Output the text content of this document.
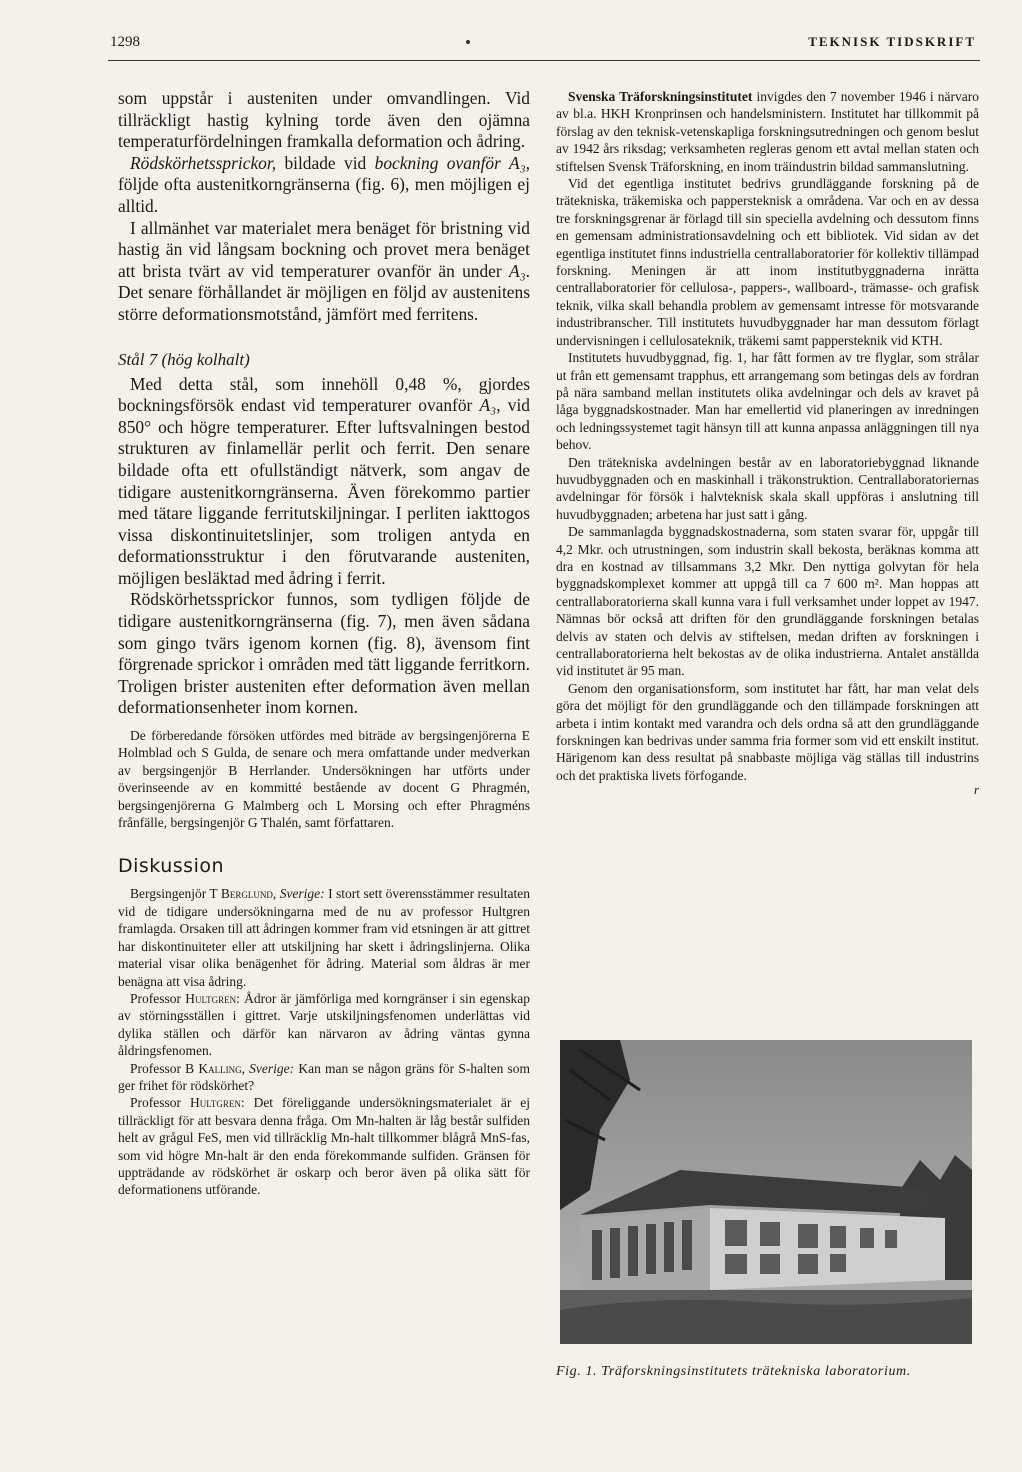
1298	TEKNISK TIDSKRIFT

som uppstår i austeniten under omvandlingen. Vid tillräckligt hastig kylning torde även den ojämna temperaturfördelningen framkalla deformation och ådring.

Rödskörhetssprickor, bildade vid bockning ovanför A₃, följde ofta austenitkorngränserna (fig. 6), men möjligen ej alltid.

I allmänhet var materialet mera benäget för bristning vid hastig än vid långsam bockning och provet mera benäget att brista tvärt av vid temperaturer ovanför än under A₃. Det senare förhållandet är möjligen en följd av austenitens större deformationsmotstånd, jämfört med ferritens.

Stål 7 (hög kolhalt)

Med detta stål, som innehöll 0,48 %, gjordes bockningsförsök endast vid temperaturer ovanför A₃, vid 850° och högre temperaturer. Efter luftsvalningen bestod strukturen av finlamellär perlit och ferrit. Den senare bildade ofta ett ofullständigt nätverk, som angav de tidigare austenitkorngränserna. Även förekommo partier med tätare liggande ferritutskiljningar. I perliten iakttogos vissa diskontinuitetslinjer, som troligen antyda en deformationsstruktur i den förutvarande austeniten, möjligen besläktad med ådring i ferrit.

Rödskörhetssprickor funnos, som tydligen följde de tidigare austenitkorngränserna (fig. 7), men även sådana som gingo tvärs igenom kornen (fig. 8), ävensom fint förgrenade sprickor i områden med tätt liggande ferritkorn. Troligen brister austeniten efter deformation även mellan deformationsenheter inom kornen.

De förberedande försöken utfördes med biträde av bergsingenjörerna E Holmblad och S Gulda, de senare och mera omfattande under medverkan av bergsingenjör B Herrlander. Undersökningen har utförts under överinseende av en kommitté bestående av docent G Phragmén, bergsingenjörerna G Malmberg och L Morsing och efter Phragméns frånfälle, bergsingenjör G Thalén, samt författaren.

Diskussion

Bergsingenjör T Berglund, Sverige: I stort sett överensstämmer resultaten vid de tidigare undersökningarna med de nu av professor Hultgren framlagda. Orsaken till att ådringen kommer fram vid etsningen är att gittret har diskontinuiteter eller att utskiljning har skett i ådringslinjerna. Olika material visar olika benägenhet för ådring. Material som åldras är mer benägna att visa ådring.

Professor Hultgren: Ådror är jämförliga med korngränser i sin egenskap av störningsställen i gittret. Varje utskiljningsfenomen underlättas vid dylika ställen och därför kan närvaron av ådring väntas gynna åldringsfenomen.

Professor B Kalling, Sverige: Kan man se någon gräns för S-halten som ger frihet för rödskörhet?

Professor Hultgren: Det föreliggande undersökningsmaterialet är ej tillräckligt för att besvara denna fråga. Om Mn-halten är låg består sulfiden helt av grågul FeS, men vid tillräcklig Mn-halt tillkommer blågrå MnS-fas, som vid högre Mn-halt är den enda förekommande sulfiden. Gränsen för uppträdande av rödskörhet är oskarp och beror även på olika sätt för deformationens utförande.

Svenska Träforskningsinstitutet invigdes den 7 november 1946 i närvaro av bl.a. HKH Kronprinsen och handelsministern. Institutet har tillkommit på förslag av den teknisk-vetenskapliga forskningsutredningen och genom beslut av 1942 års riksdag; verksamheten regleras genom ett avtal mellan staten och stiftelsen Svensk Träforskning, en inom träindustrin bildad sammanslutning.

Vid det egentliga institutet bedrivs grundläggande forskning på de trätekniska, träkemiska och pappersteknisk a områdena. Var och en av dessa tre forskningsgrenar är förlagd till sin speciella avdelning och dessutom finns en gemensam administrationsavdelning och ett bibliotek. Vid sidan av det egentliga institutet finns industriella centrallaboratorier för kollektiv tillämpad forskning. Meningen är att inom institutbyggnaderna inrätta centrallaboratorier för cellulosa-, pappers-, wallboard-, trämasse- och grafisk teknik, vilka skall behandla problem av gemensamt intresse för motsvarande industribranscher. Till institutets huvudbyggnader har man dessutom förlagt undervisningen i cellulosateknik, träkemi samt pappersteknik vid KTH.

Institutets huvudbyggnad, fig. 1, har fått formen av tre flyglar, som strålar ut från ett gemensamt trapphus, ett arrangemang som betingas dels av fordran på nära samband mellan institutets olika avdelningar och dels av kravet på låga byggnadskostnader. Man har emellertid vid planeringen av inredningen och ledningssystemet tagit hänsyn till att kunna anpassa anläggningen till nya behov.

Den trätekniska avdelningen består av en laboratoriebyggnad liknande huvudbyggnaden och en maskinhall i träkonstruktion. Centrallaboratoriernas avdelningar för försök i halvteknisk skala skall uppföras i anslutning till huvudbyggnaden; arbetena har just satt i gång.

De sammanlagda byggnadskostnaderna, som staten svarar för, uppgår till 4,2 Mkr. och utrustningen, som industrin skall bekosta, beräknas komma att dra en kostnad av tillsammans 3,2 Mkr. Den nyttiga golvytan för hela byggnadskomplexet kommer att uppgå till ca 7 600 m². Man hoppas att centrallaboratorierna skall kunna vara i full verksamhet under loppet av 1947. Nämnas bör också att driften för den grundläggande forskningen betalas delvis av staten och delvis av stiftelsen, medan driften av forskningen i centrallaboratorierna helt bekostas av de olika industrierna. Antalet anställda vid institutet är 95 man.

Genom den organisationsform, som institutet har fått, har man velat dels göra det möjligt för den grundläggande och den tillämpade forskningen att arbeta i intim kontakt med varandra och dels ordna så att den grundläggande forskningen kan bedrivas under samma fria former som vid ett enskilt institut. Härigenom kan dess resultat på snabbaste möjliga väg ställas till industrins och det praktiska livets förfogande.

r
Fig. 1. Träforskningsinstitutets trätekniska laboratorium.
